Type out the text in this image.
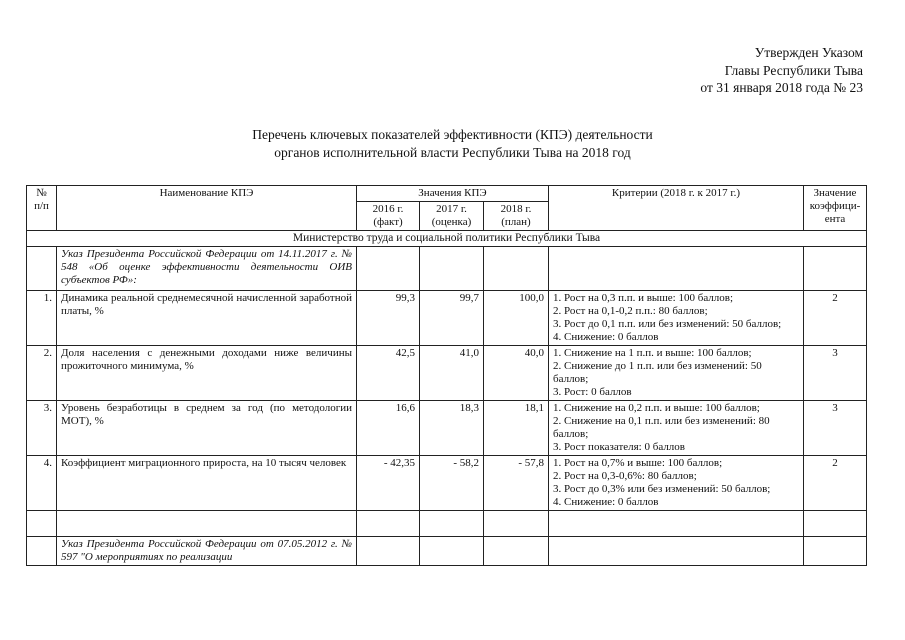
Утвержден Указом
Главы Республики Тыва
от 31 января 2018 года № 23
Перечень ключевых показателей эффективности (КПЭ) деятельности
органов исполнительной власти Республики Тыва на 2018 год
№ п/п	Наименование КПЭ	Значения КПЭ			Критерии (2018 г. к 2017 г.)	Значение коэффици-ента
		2016 г. (факт)	2017 г. (оценка)	2018 г. (план)		
Министерство труда и социальной политики Республики Тыва						
	Указ Президента Российской Федерации от 14.11.2017 г. № 548 «Об оценке эффективности деятельности ОИВ субъектов РФ»:					
1.	Динамика реальной среднемесячной начисленной заработной платы, %	99,3	99,7	100,0	1. Рост на 0,3 п.п. и выше: 100 баллов;
2. Рост на 0,1-0,2 п.п.: 80 баллов;
3. Рост до 0,1 п.п. или без изменений: 50 баллов;
4. Снижение: 0 баллов	2
2.	Доля населения с денежными доходами ниже величины прожиточного минимума, %	42,5	41,0	40,0	1. Снижение на 1 п.п. и выше: 100 баллов;
2. Снижение до 1 п.п. или без изменений: 50 баллов;
3. Рост: 0 баллов	3
3.	Уровень безработицы в среднем за год (по методологии МОТ), %	16,6	18,3	18,1	1. Снижение на 0,2 п.п. и выше: 100 баллов;
2. Снижение на 0,1 п.п. или без изменений: 80 баллов;
3. Рост показателя: 0 баллов	3
4.	Коэффициент миграционного прироста, на 10 тысяч человек	- 42,35	- 58,2	- 57,8	1. Рост на 0,7% и выше: 100 баллов;
2. Рост на 0,3-0,6%: 80 баллов;
3. Рост до 0,3% или без изменений: 50 баллов;
4. Снижение: 0 баллов	2

	Указ Президента Российской Федерации от 07.05.2012 г. № 597 "О мероприятиях по реализации					
